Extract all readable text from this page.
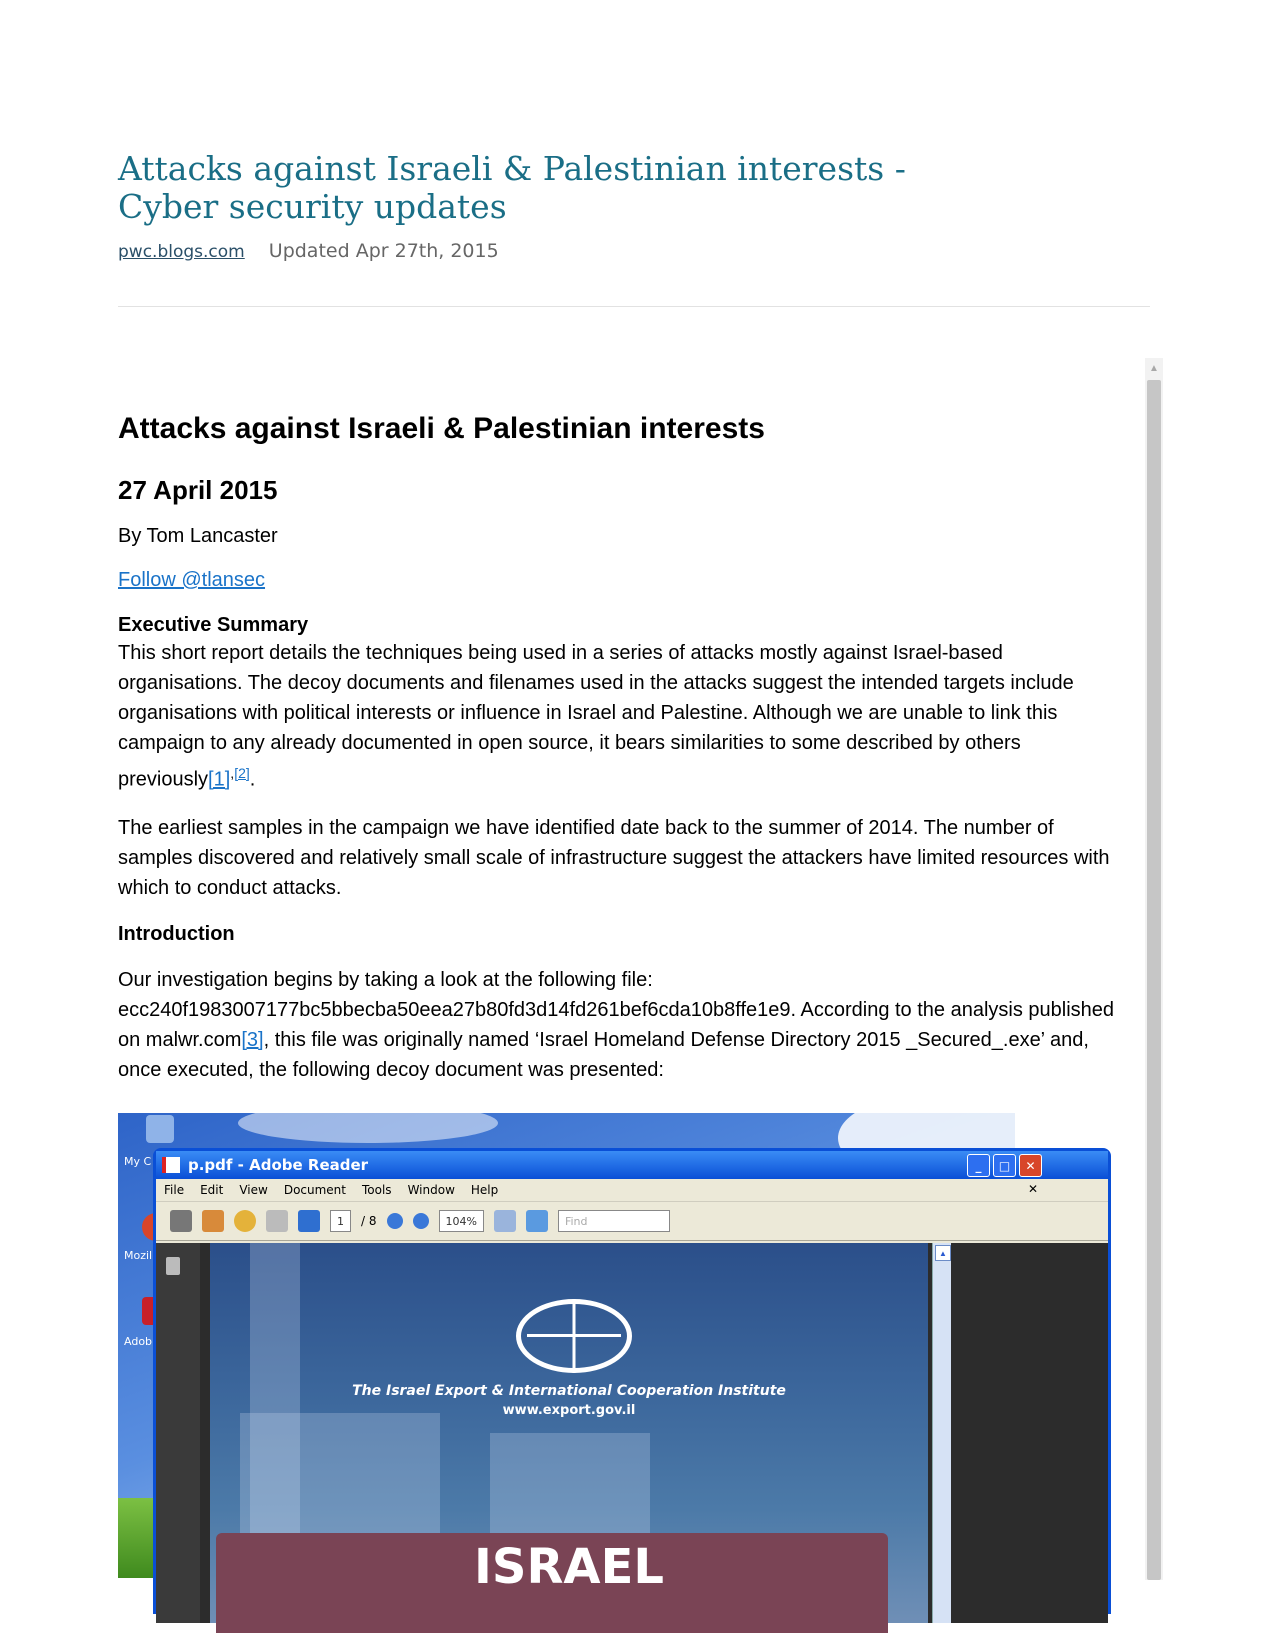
Attacks against Israeli & Palestinian interests - Cyber security updates
pwc.blogs.com Updated Apr 27th, 2015
▲
Attacks against Israeli & Palestinian interests
27 April 2015

By Tom Lancaster

Follow @tlansec

Executive Summary

This short report details the techniques being used in a series of attacks mostly against Israel-based organisations. The decoy documents and filenames used in the attacks suggest the intended targets include organisations with political interests or influence in Israel and Palestine. Although we are unable to link this campaign to any already documented in open source, it bears similarities to some described by others $previously[1]^{,[2]}$.

The earliest samples in the campaign we have identified date back to the summer of 2014. The number of samples discovered and relatively small scale of infrastructure suggest the attackers have limited resources with which to conduct attacks.

Introduction

Our investigation begins by taking a look at the following file: ecc240f1983007177bc5bbecba50eea27b80fd3d14fd261bef6cda10b8ffe1e9. According to the analysis published on malwr.com[3], this file was originally named ‘Israel Homeland Defense Directory 2015 _Secured_.exe’ and, once executed, the following decoy document was presented:

My C
Mozil
Adob
p.pdf - Adobe Reader	_	□	✕
File Edit View Document Tools Window Help	✕
1	/ 8	104%	Find
The Israel Export & International Cooperation Institute
www.export.gov.il
ISRAEL
▲
